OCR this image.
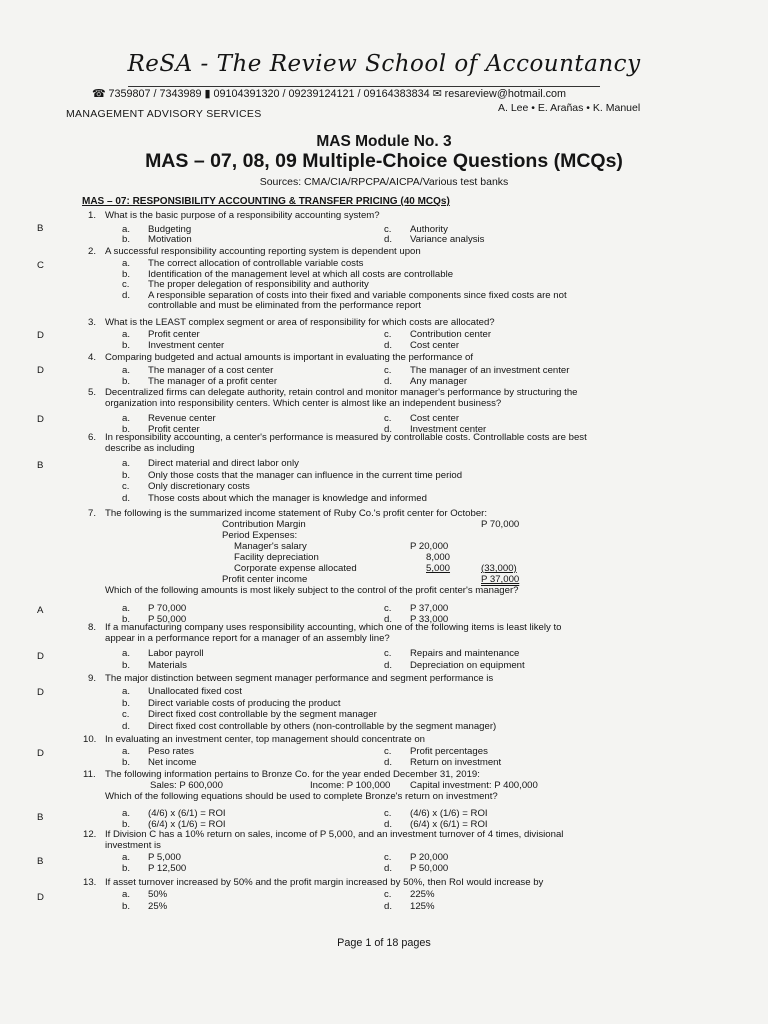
ReSA - The Review School of Accountancy
☎ 7359807 / 7343989 ▮ 09104391320 / 09239124121 / 09164383834 ✉ resareview@hotmail.com
MANAGEMENT ADVISORY SERVICES	A. Lee • E. Arañas • K. Manuel
MAS Module No. 3
MAS – 07, 08, 09 Multiple-Choice Questions (MCQs)
Sources: CMA/CIA/RPCPA/AICPA/Various test banks
MAS – 07: RESPONSIBILITY ACCOUNTING & TRANSFER PRICING (40 MCQs)
B
1. What is the basic purpose of a responsibility accounting system?
a. Budgeting	c. Authority
b. Motivation	d. Variance analysis
C
2. A successful responsibility accounting reporting system is dependent upon
a. The correct allocation of controllable variable costs
b. Identification of the management level at which all costs are controllable
c. The proper delegation of responsibility and authority
d. A responsible separation of costs into their fixed and variable components since fixed costs are not
controllable and must be eliminated from the performance report
D
3. What is the LEAST complex segment or area of responsibility for which costs are allocated?
a. Profit center	c. Contribution center
b. Investment center	d. Cost center
D
4. Comparing budgeted and actual amounts is important in evaluating the performance of
a. The manager of a cost center	c. The manager of an investment center
b. The manager of a profit center	d. Any manager
D
5. Decentralized firms can delegate authority, retain control and monitor manager's performance by structuring the
organization into responsibility centers. Which center is almost like an independent business?
a. Revenue center	c. Cost center
b. Profit center	d. Investment center
B
6. In responsibility accounting, a center's performance is measured by controllable costs. Controllable costs are best
describe as including
a. Direct material and direct labor only
b. Only those costs that the manager can influence in the current time period
c. Only discretionary costs
d. Those costs about which the manager is knowledge and informed
A
7. The following is the summarized income statement of Ruby Co.'s profit center for October:
Contribution Margin	P 70,000
Period Expenses:
Manager's salary	P 20,000
Facility depreciation	8,000
Corporate expense allocated	5,000	(33,000)
Profit center income	P 37,000
Which of the following amounts is most likely subject to the control of the profit center's manager?
a. P 70,000	c. P 37,000
b. P 50,000	d. P 33,000
D
8. If a manufacturing company uses responsibility accounting, which one of the following items is least likely to
appear in a performance report for a manager of an assembly line?
a. Labor payroll	c. Repairs and maintenance
b. Materials	d. Depreciation on equipment
D
9. The major distinction between segment manager performance and segment performance is
a. Unallocated fixed cost
b. Direct variable costs of producing the product
c. Direct fixed cost controllable by the segment manager
d. Direct fixed cost controllable by others (non-controllable by the segment manager)
D
10. In evaluating an investment center, top management should concentrate on
a. Peso rates	c. Profit percentages
b. Net income	d. Return on investment
B
11. The following information pertains to Bronze Co. for the year ended December 31, 2019:
Sales: P 600,000	Income: P 100,000 Capital investment: P 400,000
Which of the following equations should be used to complete Bronze's return on investment?
a. (4/6) x (6/1) = ROI	c. (4/6) x (1/6) = ROI
b. (6/4) x (1/6) = ROI	d. (6/4) x (6/1) = ROI
B
12. If Division C has a 10% return on sales, income of P 5,000, and an investment turnover of 4 times, divisional
investment is
a. P 5,000	c. P 20,000
b. P 12,500	d. P 50,000
D
13. If asset turnover increased by 50% and the profit margin increased by 50%, then RoI would increase by
a. 50%	c. 225%
b. 25%	d. 125%
Page 1 of 18 pages
